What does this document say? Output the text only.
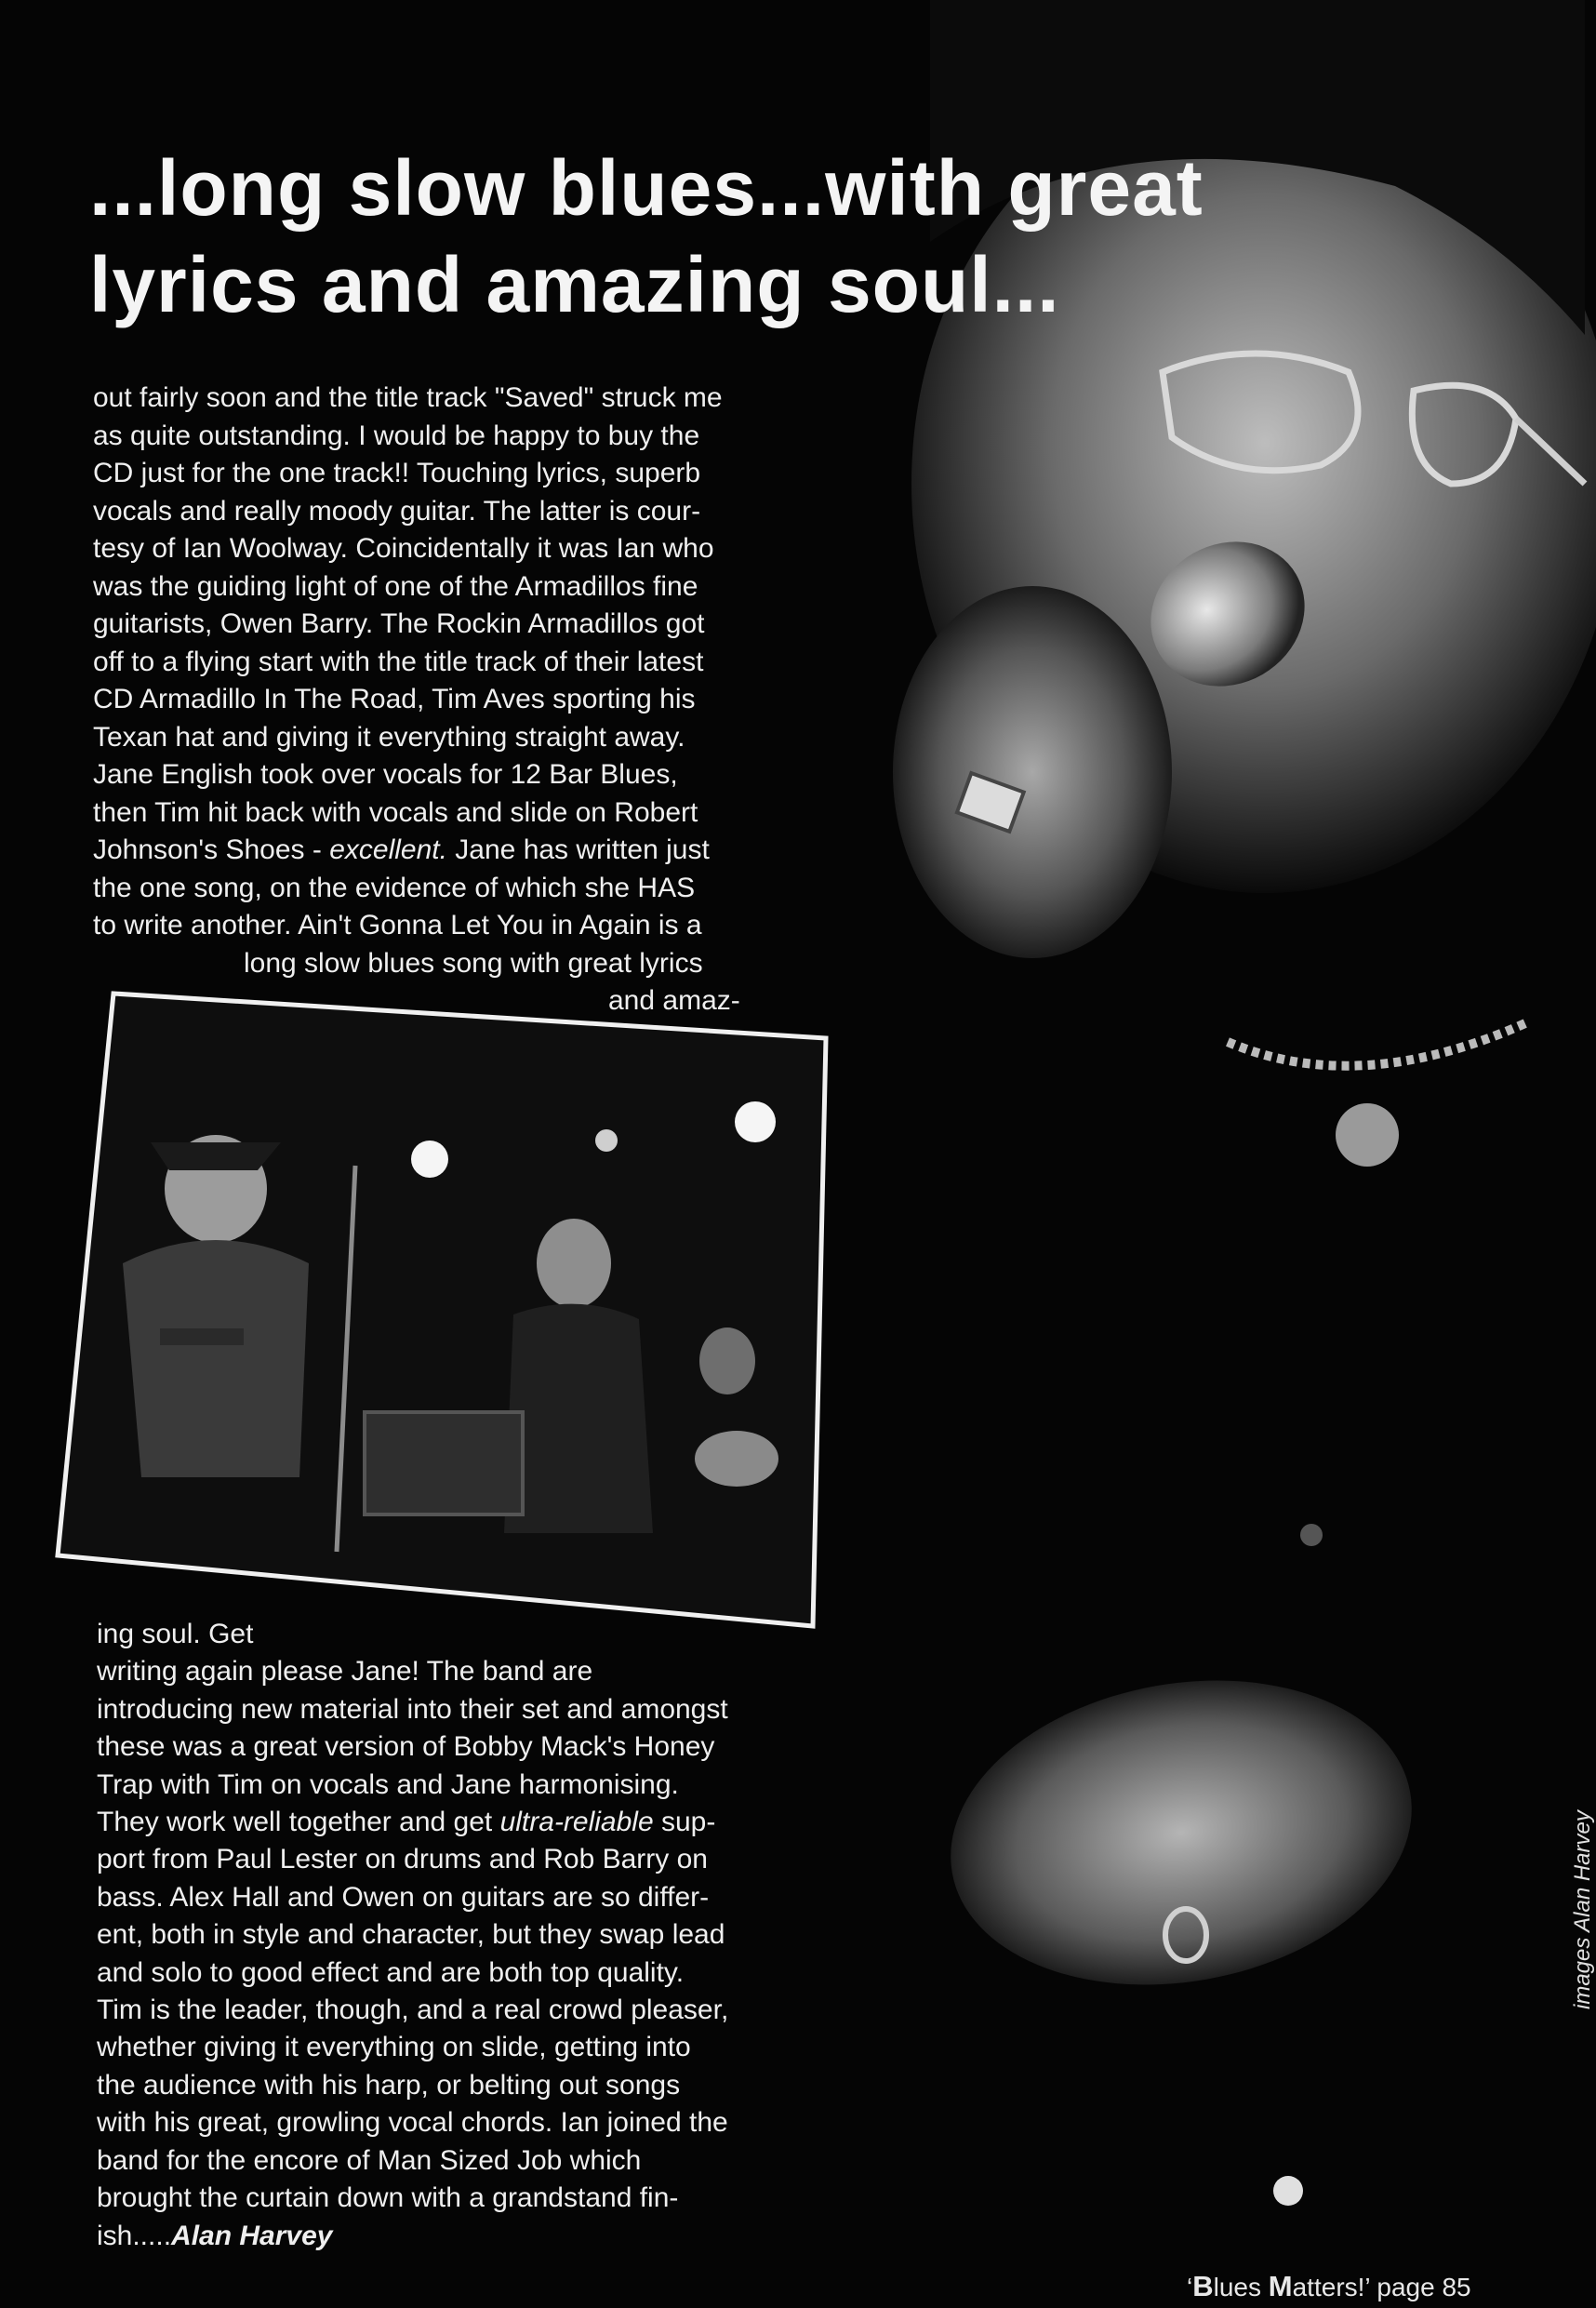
...long slow blues...with great
lyrics and amazing soul...
out fairly soon and the title track "Saved" struck me
as quite outstanding. I would be happy to buy the
CD just for the one track!! Touching lyrics, superb
vocals and really moody guitar. The latter is cour-
tesy of Ian Woolway. Coincidentally it was Ian who
was the guiding light of one of the Armadillos fine
guitarists, Owen Barry. The Rockin Armadillos got
off to a flying start with the title track of their latest
CD Armadillo In The Road, Tim Aves sporting his
Texan hat and giving it everything straight away.
Jane English took over vocals for 12 Bar Blues,
then Tim hit back with vocals and slide on Robert
Johnson's Shoes - excellent. Jane has written just
the one song, on the evidence of which she HAS
to write another. Ain't Gonna Let You in Again is a
long slow blues song with great lyrics
and amaz-
ing soul. Get
writing again please Jane! The band are
introducing new material into their set and amongst
these was a great version of Bobby Mack's Honey
Trap with Tim on vocals and Jane harmonising.
They work well together and get ultra-reliable sup-
port from Paul Lester on drums and Rob Barry on
bass. Alex Hall and Owen on guitars are so differ-
ent, both in style and character, but they swap lead
and solo to good effect and are both top quality.
Tim is the leader, though, and a real crowd pleaser,
whether giving it everything on slide, getting into
the audience with his harp, or belting out songs
with his great, growling vocal chords. Ian joined the
band for the encore of Man Sized Job which
brought the curtain down with a grandstand fin-
ish.....Alan Harvey
images Alan Harvey
‘Blues Matters!’ page 85
